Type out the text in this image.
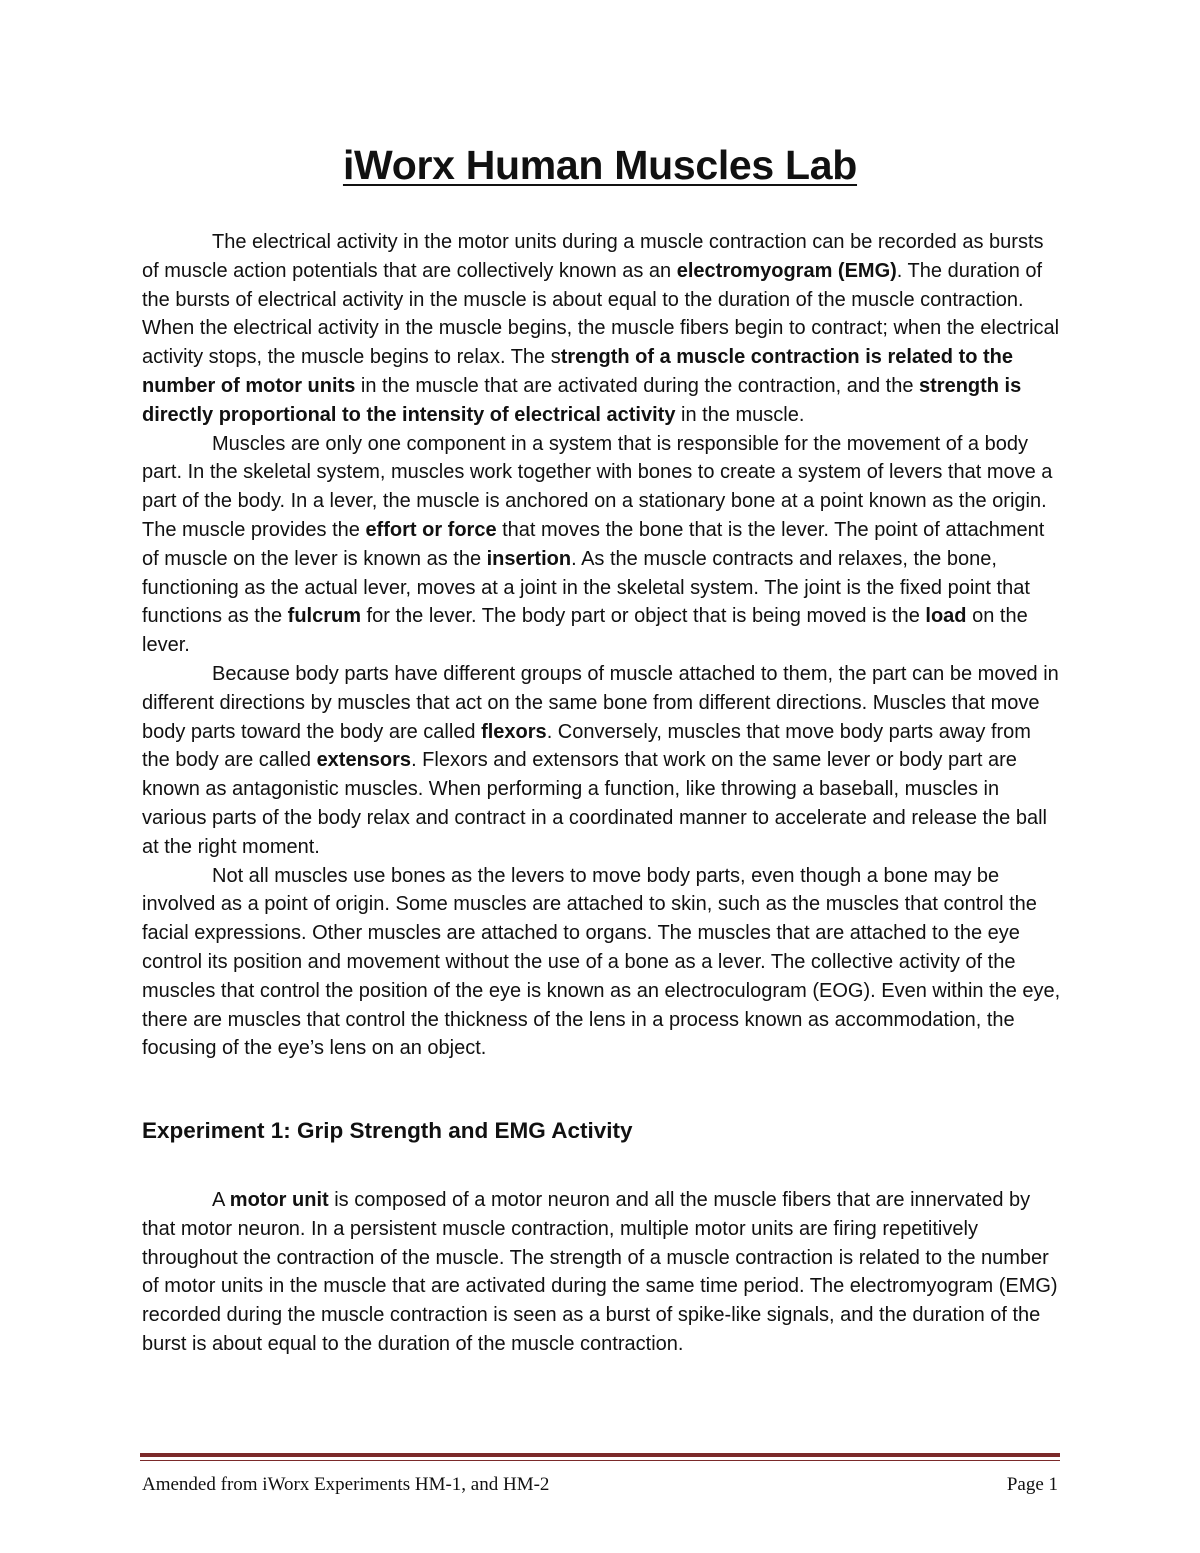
iWorx Human Muscles Lab

The electrical activity in the motor units during a muscle contraction can be recorded as bursts of muscle action potentials that are collectively known as an electromyogram (EMG). The duration of the bursts of electrical activity in the muscle is about equal to the duration of the muscle contraction. When the electrical activity in the muscle begins, the muscle fibers begin to contract; when the electrical activity stops, the muscle begins to relax. The strength of a muscle contraction is related to the number of motor units in the muscle that are activated during the contraction, and the strength is directly proportional to the intensity of electrical activity in the muscle.

Muscles are only one component in a system that is responsible for the movement of a body part. In the skeletal system, muscles work together with bones to create a system of levers that move a part of the body. In a lever, the muscle is anchored on a stationary bone at a point known as the origin. The muscle provides the effort or force that moves the bone that is the lever. The point of attachment of muscle on the lever is known as the insertion. As the muscle contracts and relaxes, the bone, functioning as the actual lever, moves at a joint in the skeletal system. The joint is the fixed point that functions as the fulcrum for the lever. The body part or object that is being moved is the load on the lever.

Because body parts have different groups of muscle attached to them, the part can be moved in different directions by muscles that act on the same bone from different directions. Muscles that move body parts toward the body are called flexors. Conversely, muscles that move body parts away from the body are called extensors. Flexors and extensors that work on the same lever or body part are known as antagonistic muscles. When performing a function, like throwing a baseball, muscles in various parts of the body relax and contract in a coordinated manner to accelerate and release the ball at the right moment.

Not all muscles use bones as the levers to move body parts, even though a bone may be involved as a point of origin. Some muscles are attached to skin, such as the muscles that control the facial expressions. Other muscles are attached to organs. The muscles that are attached to the eye control its position and movement without the use of a bone as a lever. The collective activity of the muscles that control the position of the eye is known as an electroculogram (EOG). Even within the eye, there are muscles that control the thickness of the lens in a process known as accommodation, the focusing of the eye’s lens on an object.

Experiment 1: Grip Strength and EMG Activity

A motor unit is composed of a motor neuron and all the muscle fibers that are innervated by that motor neuron. In a persistent muscle contraction, multiple motor units are firing repetitively throughout the contraction of the muscle. The strength of a muscle contraction is related to the number of motor units in the muscle that are activated during the same time period. The electromyogram (EMG) recorded during the muscle contraction is seen as a burst of spike-like signals, and the duration of the burst is about equal to the duration of the muscle contraction.

Amended from iWorx Experiments HM-1, and HM-2	Page 1
